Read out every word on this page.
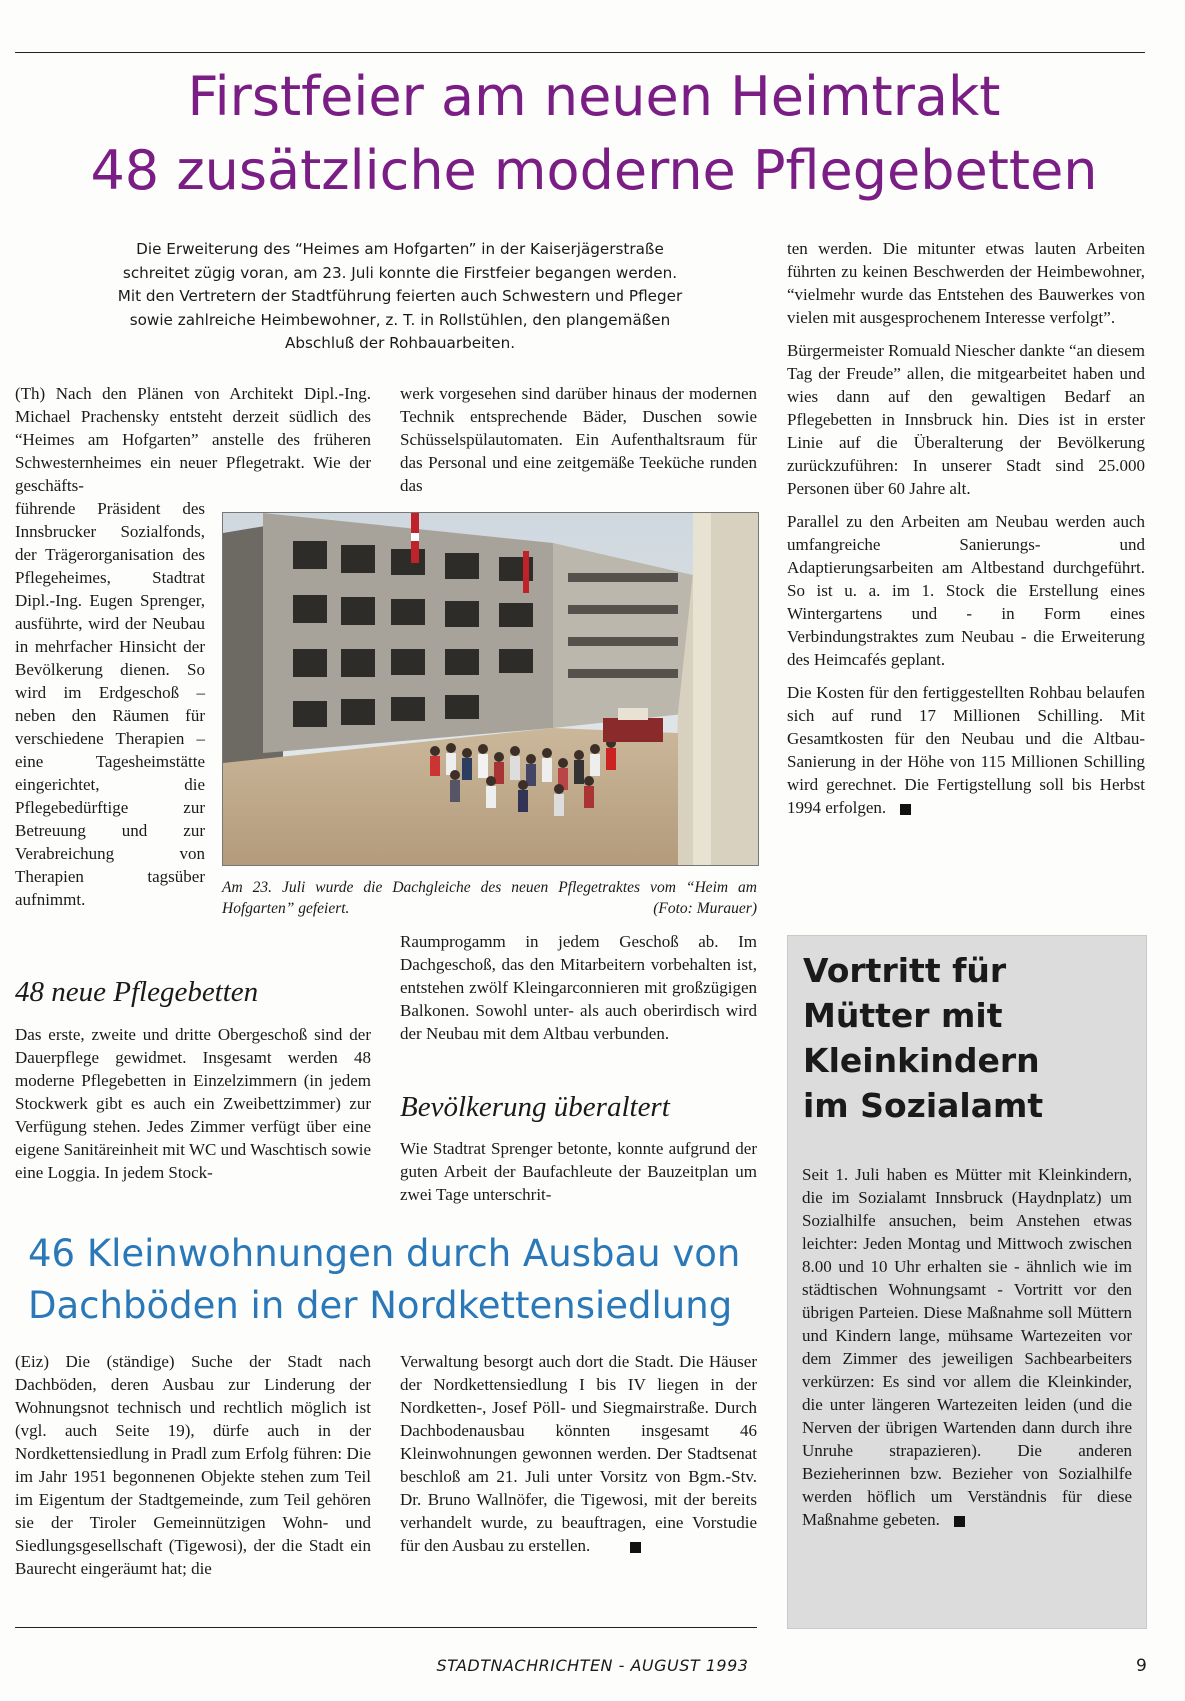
Firstfeier am neuen Heimtrakt
48 zusätzliche moderne Pflegebetten
Die Erweiterung des “Heimes am Hofgarten” in der Kaiserjägerstraße
schreitet zügig voran, am 23. Juli konnte die Firstfeier begangen werden.
Mit den Vertretern der Stadtführung feierten auch Schwestern und Pfleger
sowie zahlreiche Heimbewohner, z. T. in Rollstühlen, den plangemäßen
Abschluß der Rohbauarbeiten.
(Th) Nach den Plänen von Architekt Dipl.-Ing. Michael Prachensky entsteht derzeit südlich des “Heimes am Hofgarten” anstelle des früheren Schwesternheimes ein neuer Pflegetrakt. Wie der geschäfts-
führende Präsident des Innsbrucker Sozialfonds, der Trägerorganisation des Pflegeheimes, Stadtrat Dipl.-Ing. Eugen Sprenger, ausführte, wird der Neubau in mehrfacher Hinsicht der Bevölkerung dienen. So wird im Erdgeschoß – neben den Räumen für verschiedene Therapien – eine Tagesheimstätte eingerichtet, die Pflegebedürftige zur Betreuung und zur Verabreichung von Therapien tagsüber aufnimmt.
48 neue Pflegebetten
Das erste, zweite und dritte Obergeschoß sind der Dauerpflege gewidmet. Insgesamt werden 48 moderne Pflegebetten in Einzelzimmern (in jedem Stockwerk gibt es auch ein Zweibettzimmer) zur Verfügung stehen. Jedes Zimmer verfügt über eine eigene Sanitäreinheit mit WC und Waschtisch sowie eine Loggia. In jedem Stock-
werk vorgesehen sind darüber hinaus der modernen Technik entsprechende Bäder, Duschen sowie Schüsselspülautomaten. Ein Aufenthaltsraum für das Personal und eine zeitgemäße Teeküche runden das
Am 23. Juli wurde die Dachgleiche des neuen Pflegetraktes vom “Heim am Hofgarten” gefeiert.	(Foto: Murauer)
Raumprogamm in jedem Geschoß ab. Im Dachgeschoß, das den Mitarbeitern vorbehalten ist, entstehen zwölf Kleingarconnieren mit großzügigen Balkonen. Sowohl unter- als auch oberirdisch wird der Neubau mit dem Altbau verbunden.
Bevölkerung überaltert
Wie Stadtrat Sprenger betonte, konnte aufgrund der guten Arbeit der Baufachleute der Bauzeitplan um zwei Tage unterschrit-

ten werden. Die mitunter etwas lauten Arbeiten führten zu keinen Beschwerden der Heimbewohner, “vielmehr wurde das Entstehen des Bauwerkes von vielen mit ausgesprochenem Interesse verfolgt”.

Bürgermeister Romuald Niescher dankte “an diesem Tag der Freude” allen, die mitgearbeitet haben und wies dann auf den gewaltigen Bedarf an Pflegebetten in Innsbruck hin. Dies ist in erster Linie auf die Überalterung der Bevölkerung zurückzuführen: In unserer Stadt sind 25.000 Personen über 60 Jahre alt.

Parallel zu den Arbeiten am Neubau werden auch umfangreiche Sanierungs- und Adaptierungsarbeiten am Altbestand durchgeführt. So ist u. a. im 1. Stock die Erstellung eines Wintergartens und - in Form eines Verbindungstraktes zum Neubau - die Erweiterung des Heimcafés geplant.

Die Kosten für den fertiggestellten Rohbau belaufen sich auf rund 17 Millionen Schilling. Mit Gesamtkosten für den Neubau und die Altbau-Sanierung in der Höhe von 115 Millionen Schilling wird gerechnet. Die Fertigstellung soll bis Herbst 1994 erfolgen.

46 Kleinwohnungen durch Ausbau von
Dachböden in der Nordkettensiedlung
(Eiz) Die (ständige) Suche der Stadt nach Dachböden, deren Ausbau zur Linderung der Wohnungsnot technisch und rechtlich möglich ist (vgl. auch Seite 19), dürfe auch in der Nordkettensiedlung in Pradl zum Erfolg führen: Die im Jahr 1951 begonnenen Objekte stehen zum Teil im Eigentum der Stadtgemeinde, zum Teil gehören sie der Tiroler Gemeinnützigen Wohn- und Siedlungsgesellschaft (Tigewosi), der die Stadt ein Baurecht eingeräumt hat; die
Verwaltung besorgt auch dort die Stadt. Die Häuser der Nordkettensiedlung I bis IV liegen in der Nordketten-, Josef Pöll- und Siegmairstraße. Durch Dachbodenausbau könnten insgesamt 46 Kleinwohnungen gewonnen werden. Der Stadtsenat beschloß am 21. Juli unter Vorsitz von Bgm.-Stv. Dr. Bruno Wallnöfer, die Tigewosi, mit der bereits verhandelt wurde, zu beauftragen, eine Vorstudie für den Ausbau zu erstellen.
Vortritt für
Mütter mit
Kleinkindern
im Sozialamt
Seit 1. Juli haben es Mütter mit Kleinkindern, die im Sozialamt Innsbruck (Haydnplatz) um Sozialhilfe ansuchen, beim Anstehen etwas leichter: Jeden Montag und Mittwoch zwischen 8.00 und 10 Uhr erhalten sie - ähnlich wie im städtischen Wohnungsamt - Vortritt vor den übrigen Parteien. Diese Maßnahme soll Müttern und Kindern lange, mühsame Wartezeiten vor dem Zimmer des jeweiligen Sachbearbeiters verkürzen: Es sind vor allem die Kleinkinder, die unter längeren Wartezeiten leiden (und die Nerven der übrigen Wartenden dann durch ihre Unruhe strapazieren). Die anderen Bezieherinnen bzw. Bezieher von Sozialhilfe werden höflich um Verständnis für diese Maßnahme gebeten.
STADTNACHRICHTEN - AUGUST 1993	9
